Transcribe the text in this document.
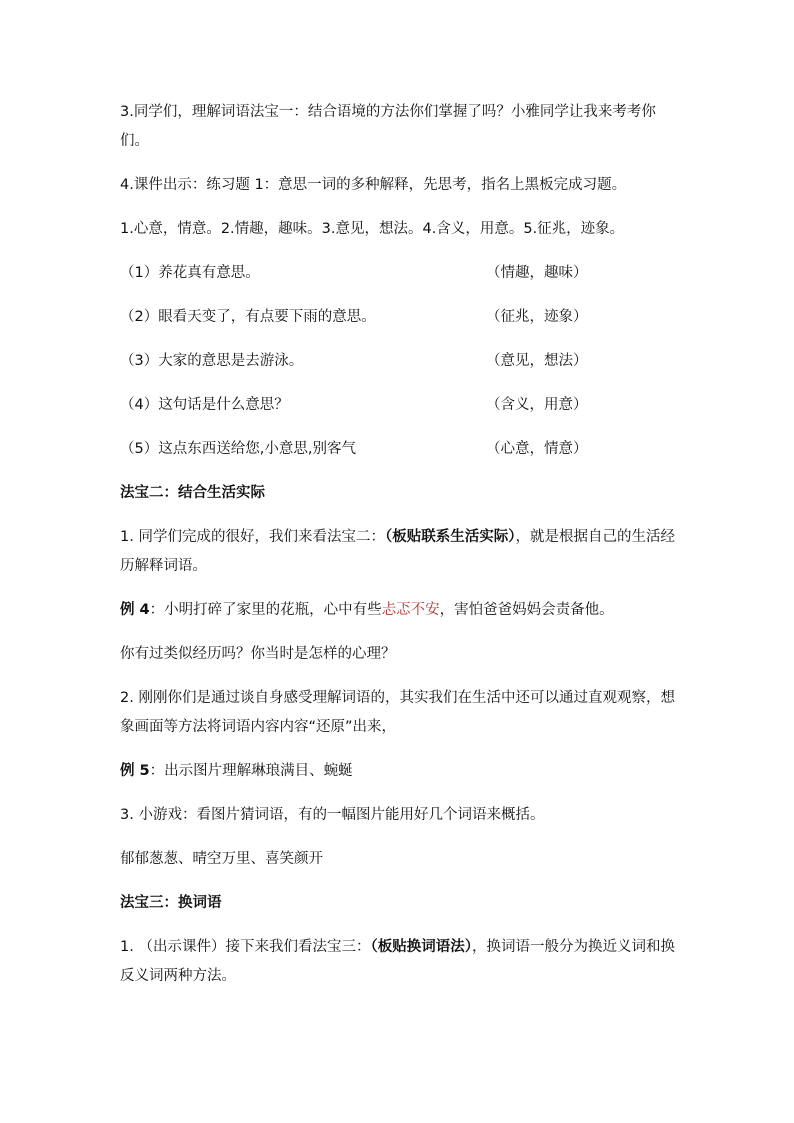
3.同学们，理解词语法宝一：结合语境的方法你们掌握了吗？小雅同学让我来考考你们。

4.课件出示：练习题 1：意思一词的多种解释，先思考，指名上黑板完成习题。

1.心意，情意。2.情趣，趣味。3.意见，想法。4.含义，用意。5.征兆，迹象。

（1）养花真有意思。	（情趣，趣味）
（2）眼看天变了，有点要下雨的意思。	（征兆，迹象）
（3）大家的意思是去游泳。	（意见，想法）
（4）这句话是什么意思？	（含义，用意）
（5）这点东西送给您,小意思,别客气	（心意，情意）

法宝二：结合生活实际

1. 同学们完成的很好，我们来看法宝二：（板贴联系生活实际），就是根据自己的生活经历解释词语。

例 4：小明打碎了家里的花瓶，心中有些忐忑不安，害怕爸爸妈妈会责备他。

你有过类似经历吗？你当时是怎样的心理？

2. 刚刚你们是通过谈自身感受理解词语的，其实我们在生活中还可以通过直观观察，想象画面等方法将词语内容内容“还原”出来，

例 5：出示图片理解琳琅满目、蜿蜒

3. 小游戏：看图片猜词语，有的一幅图片能用好几个词语来概括。

郁郁葱葱、晴空万里、喜笑颜开

法宝三：换词语

1. （出示课件）接下来我们看法宝三：（板贴换词语法），换词语一般分为换近义词和换反义词两种方法。
